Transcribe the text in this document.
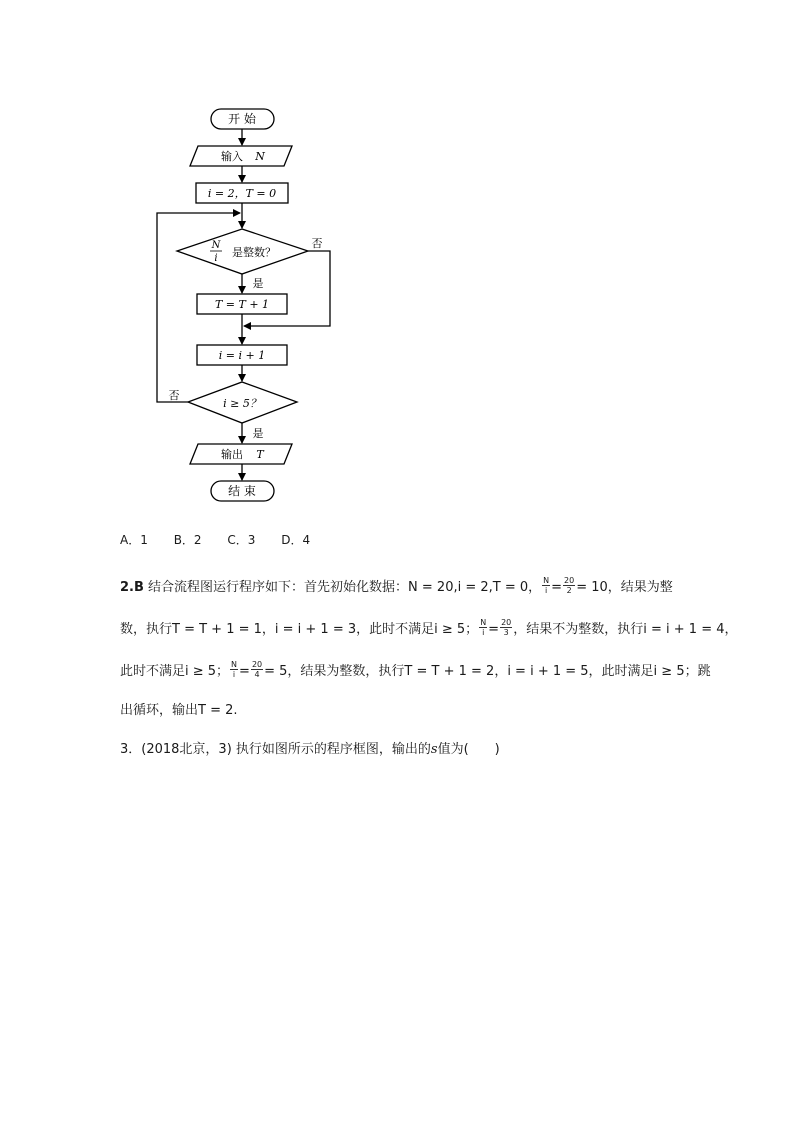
开 始
输入 N
i = 2，T = 0
N
i 是整数？
否
是
T = T + 1
i = i + 1
i ≥ 5？
否
是
输出 T
结 束
A．1 B．2 C．3 D．4
2.B 结合流程图运行程序如下：首先初始化数据：N = 20,i = 2,T = 0， $\frac{N}{i} = \frac{20}{2} = 10$，结果为整
数，执行T = T + 1 = 1，i = i + 1 = 3，此时不满足i ≥ 5； $\frac{N}{i} = \frac{20}{3}$ ，结果不为整数，执行i = i + 1 = 4，
此时不满足i ≥ 5； $\frac{N}{i} = \frac{20}{4} = 5$，结果为整数，执行T = T + 1 = 2，i = i + 1 = 5，此时满足i ≥ 5；跳
出循环，输出T = 2.
3．(2018北京，3) 执行如图所示的程序框图，输出的s值为(　　)
